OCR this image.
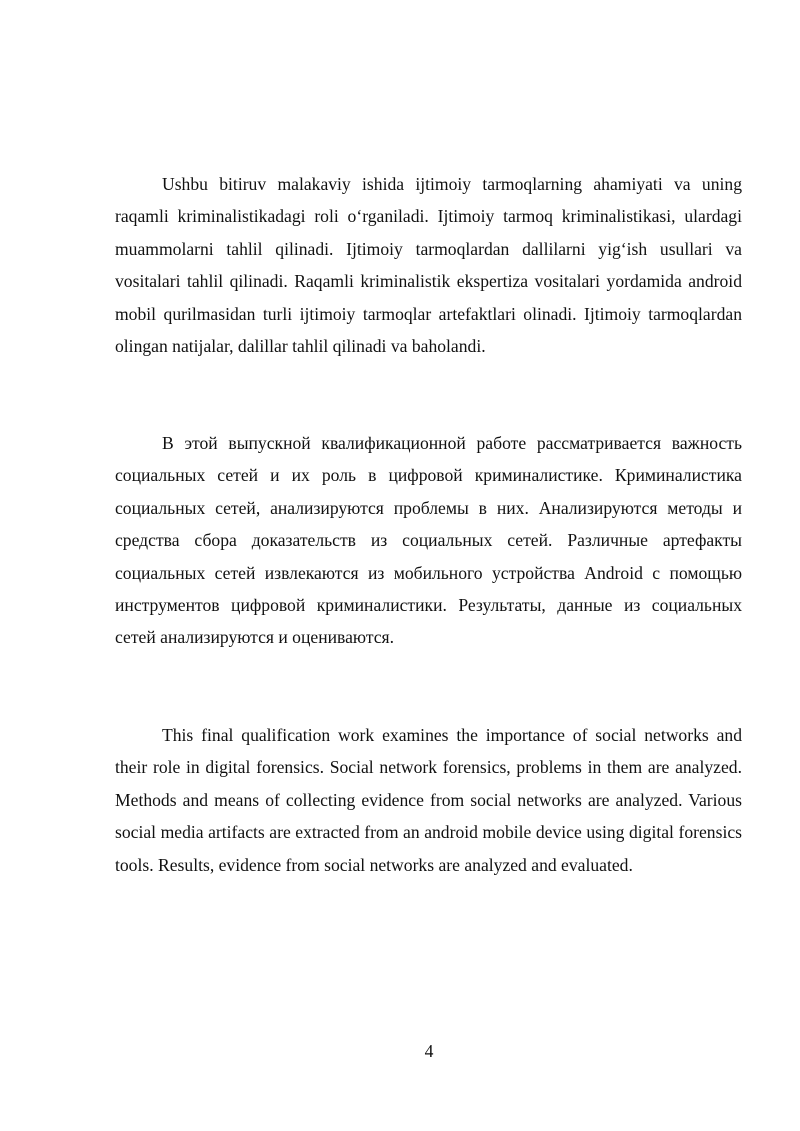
Ushbu bitiruv malakaviy ishida ijtimoiy tarmoqlarning ahamiyati va uning raqamli kriminalistikadagi roli o‘rganiladi. Ijtimoiy tarmoq kriminalistikasi, ulardagi muammolarni tahlil qilinadi. Ijtimoiy tarmoqlardan dallilarni yig‘ish usullari va vositalari tahlil qilinadi. Raqamli kriminalistik ekspertiza vositalari yordamida android mobil qurilmasidan turli ijtimoiy tarmoqlar artefaktlari olinadi. Ijtimoiy tarmoqlardan olingan natijalar, dalillar tahlil qilinadi va baholandi.

В этой выпускной квалификационной работе рассматривается важность социальных сетей и их роль в цифровой криминалистике. Криминалистика социальных сетей, анализируются проблемы в них. Анализируются методы и средства сбора доказательств из социальных сетей. Различные артефакты социальных сетей извлекаются из мобильного устройства Android с помощью инструментов цифровой криминалистики. Результаты, данные из социальных сетей анализируются и оцениваются.

This final qualification work examines the importance of social networks and their role in digital forensics. Social network forensics, problems in them are analyzed. Methods and means of collecting evidence from social networks are analyzed. Various social media artifacts are extracted from an android mobile device using digital forensics tools. Results, evidence from social networks are analyzed and evaluated.

4
